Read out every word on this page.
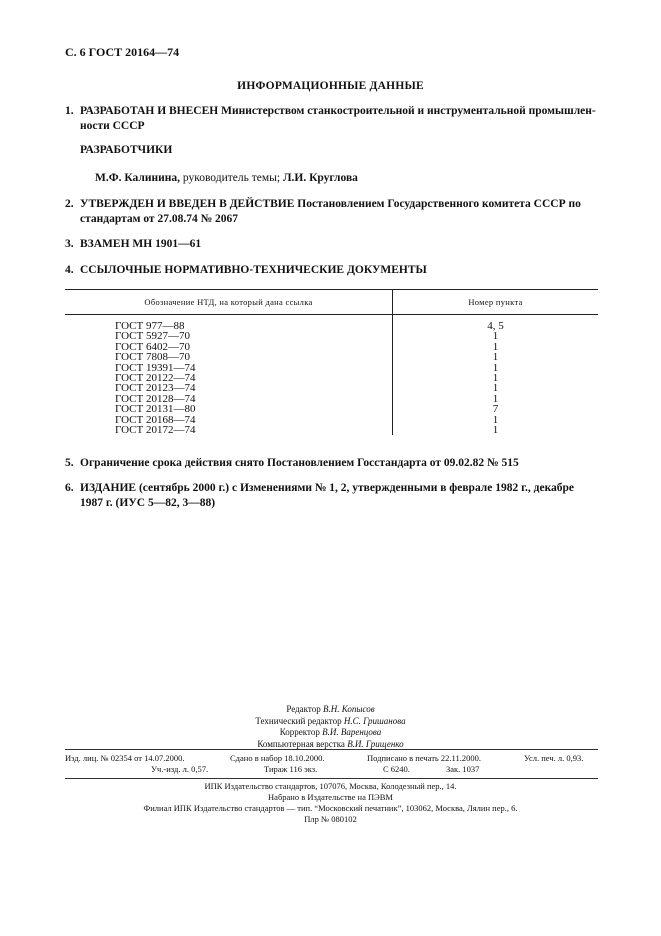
С. 6 ГОСТ 20164—74
ИНФОРМАЦИОННЫЕ ДАННЫЕ
1. РАЗРАБОТАН И ВНЕСЕН Министерством станкостроительной и инструментальной промышлен-
ности СССР
РАЗРАБОТЧИКИ
М.Ф. Калинина, руководитель темы; Л.И. Круглова
2. УТВЕРЖДЕН И ВВЕДЕН В ДЕЙСТВИЕ Постановлением Государственного комитета СССР по
стандартам от 27.08.74 № 2067
3. ВЗАМЕН МН 1901—61
4. ССЫЛОЧНЫЕ НОРМАТИВНО-ТЕХНИЧЕСКИЕ ДОКУМЕНТЫ
Обозначение НТД, на который дана ссылка	Номер пункта
ГОСТ 977—88	4, 5
ГОСТ 5927—70	1
ГОСТ 6402—70	1
ГОСТ 7808—70	1
ГОСТ 19391—74	1
ГОСТ 20122—74	1
ГОСТ 20123—74	1
ГОСТ 20128—74	1
ГОСТ 20131—80	7
ГОСТ 20168—74	1
ГОСТ 20172—74	1
5. Ограничение срока действия снято Постановлением Госстандарта от 09.02.82 № 515
6. ИЗДАНИЕ (сентябрь 2000 г.) с Изменениями № 1, 2, утвержденными в феврале 1982 г., декабре
1987 г. (ИУС 5—82, 3—88)
Редактор В.Н. Копысов
Технический редактор Н.С. Гришанова
Корректор В.И. Варенцова
Компьютерная верстка В.И. Грищенко
Изд. лиц. № 02354 от 14.07.2000.	Сдано в набор 18.10.2000.	Подписано в печать 22.11.2000.	Усл. печ. л. 0,93.
Уч.-изд. л. 0,57.	Тираж 116 экз.	С 6240.	Зак. 1037
ИПК Издательство стандартов, 107076, Москва, Колодезный пер., 14.
Набрано в Издательстве на ПЭВМ
Филиал ИПК Издательство стандартов — тип. “Московский печатник”, 103062, Москва, Лялин пер., 6.
Плр № 080102
